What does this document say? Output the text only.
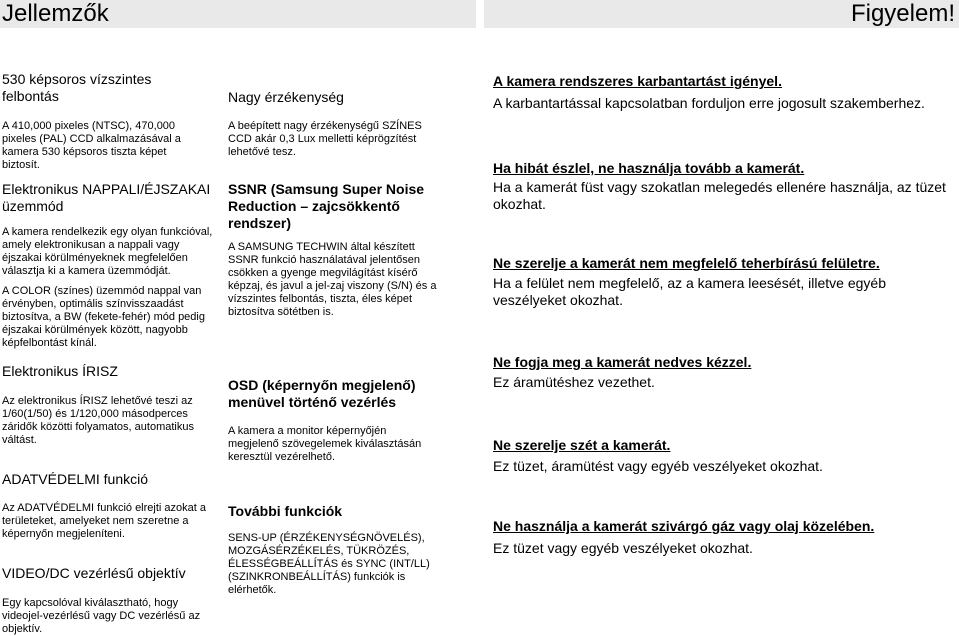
Jellemzők	Figyelem!
530 képsoros vízszintes felbontás
A 410,000 pixeles (NTSC), 470,000 pixeles (PAL) CCD alkalmazásával a kamera 530 képsoros tiszta képet biztosít.
Elektronikus NAPPALI/ÉJSZAKAI üzemmód
A kamera rendelkezik egy olyan funkcióval, amely elektronikusan a nappali vagy éjszakai körülményeknek megfelelően választja ki a kamera üzemmódját.
A COLOR (színes) üzemmód nappal van érvényben, optimális színvisszaadást biztosítva, a BW (fekete-fehér) mód pedig éjszakai körülmények között, nagyobb képfelbontást kínál.
Elektronikus ÍRISZ
Az elektronikus ÍRISZ lehetővé teszi az 1/60(1/50) és 1/120,000 másodperces záridők közötti folyamatos, automatikus váltást.
ADATVÉDELMI funkció
Az ADATVÉDELMI funkció elrejti azokat a területeket, amelyeket nem szeretne a képernyőn megjeleníteni.
VIDEO/DC vezérlésű objektív
Egy kapcsolóval kiválasztható, hogy videojel-vezérlésű vagy DC vezérlésű az objektív.
Nagy érzékenység
A beépített nagy érzékenységű SZÍNES CCD akár 0,3 Lux melletti képrögzítést lehetővé tesz.
SSNR (Samsung Super Noise Reduction – zajcsökkentő rendszer)
A SAMSUNG TECHWIN által készített SSNR funkció használatával jelentősen csökken a gyenge megvilágítást kísérő képzaj, és javul a jel-zaj viszony (S/N) és a vízszintes felbontás, tiszta, éles képet biztosítva sötétben is.
OSD (képernyőn megjelenő) menüvel történő vezérlés
A kamera a monitor képernyőjén megjelenő szövegelemek kiválasztásán keresztül vezérelhető.
További funkciók
SENS-UP (ÉRZÉKENYSÉGNÖVELÉS), MOZGÁSÉRZÉKELÉS, TÜKRÖZÉS, ÉLESSÉGBEÁLLÍTÁS és SYNC (INT/LL) (SZINKRONBEÁLLÍTÁS) funkciók is elérhetők.
A kamera rendszeres karbantartást igényel.
A karbantartással kapcsolatban forduljon erre jogosult szakemberhez.
Ha hibát észlel, ne használja tovább a kamerát.
Ha a kamerát füst vagy szokatlan melegedés ellenére használja, az tüzet okozhat.
Ne szerelje a kamerát nem megfelelő teherbírású felületre.
Ha a felület nem megfelelő, az a kamera leesését, illetve egyéb veszélyeket okozhat.
Ne fogja meg a kamerát nedves kézzel.
Ez áramütéshez vezethet.
Ne szerelje szét a kamerát.
Ez tüzet, áramütést vagy egyéb veszélyeket okozhat.
Ne használja a kamerát szivárgó gáz vagy olaj közelében.
Ez tüzet vagy egyéb veszélyeket okozhat.
